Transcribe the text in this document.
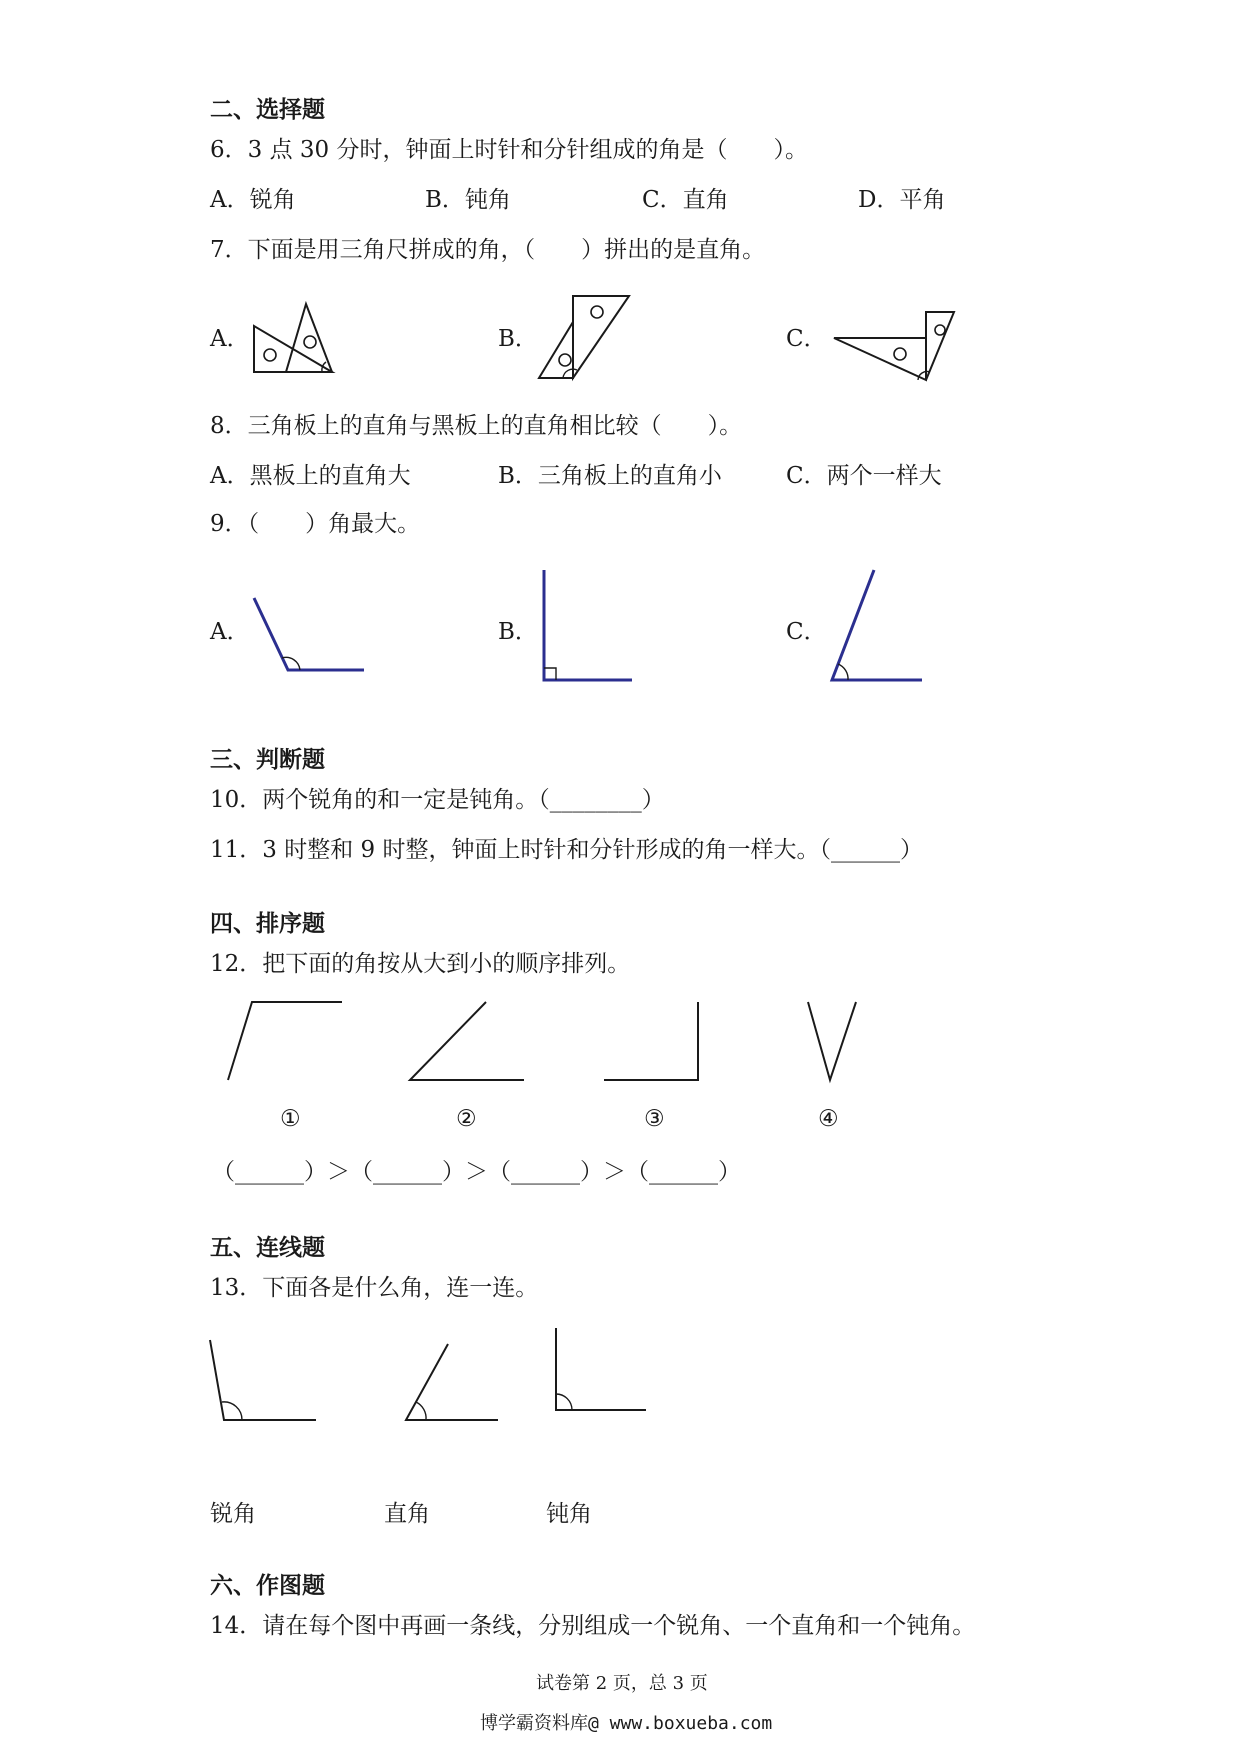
二、选择题
6．3 点 30 分时，钟面上时针和分针组成的角是（　　）。
A．锐角	B．钝角	C．直角	D．平角
7．下面是用三角尺拼成的角，（　　）拼出的是直角。
A．	B．	C．
8．三角板上的直角与黑板上的直角相比较（　　）。
A．黑板上的直角大	B．三角板上的直角小	C．两个一样大
9．（　　）角最大。
A．	B．	C．
三、判断题
10．两个锐角的和一定是钝角。（________）
11．3 时整和 9 时整，钟面上时针和分针形成的角一样大。（______）
四、排序题
12．把下面的角按从大到小的顺序排列。
①	②	③	④
（______）＞（______）＞（______）＞（______）
五、连线题
13．下面各是什么角，连一连。
锐角	直角	钝角
六、作图题
14．请在每个图中再画一条线，分别组成一个锐角、一个直角和一个钝角。
试卷第 2 页，总 3 页
博学霸资料库@ www.boxueba.com
